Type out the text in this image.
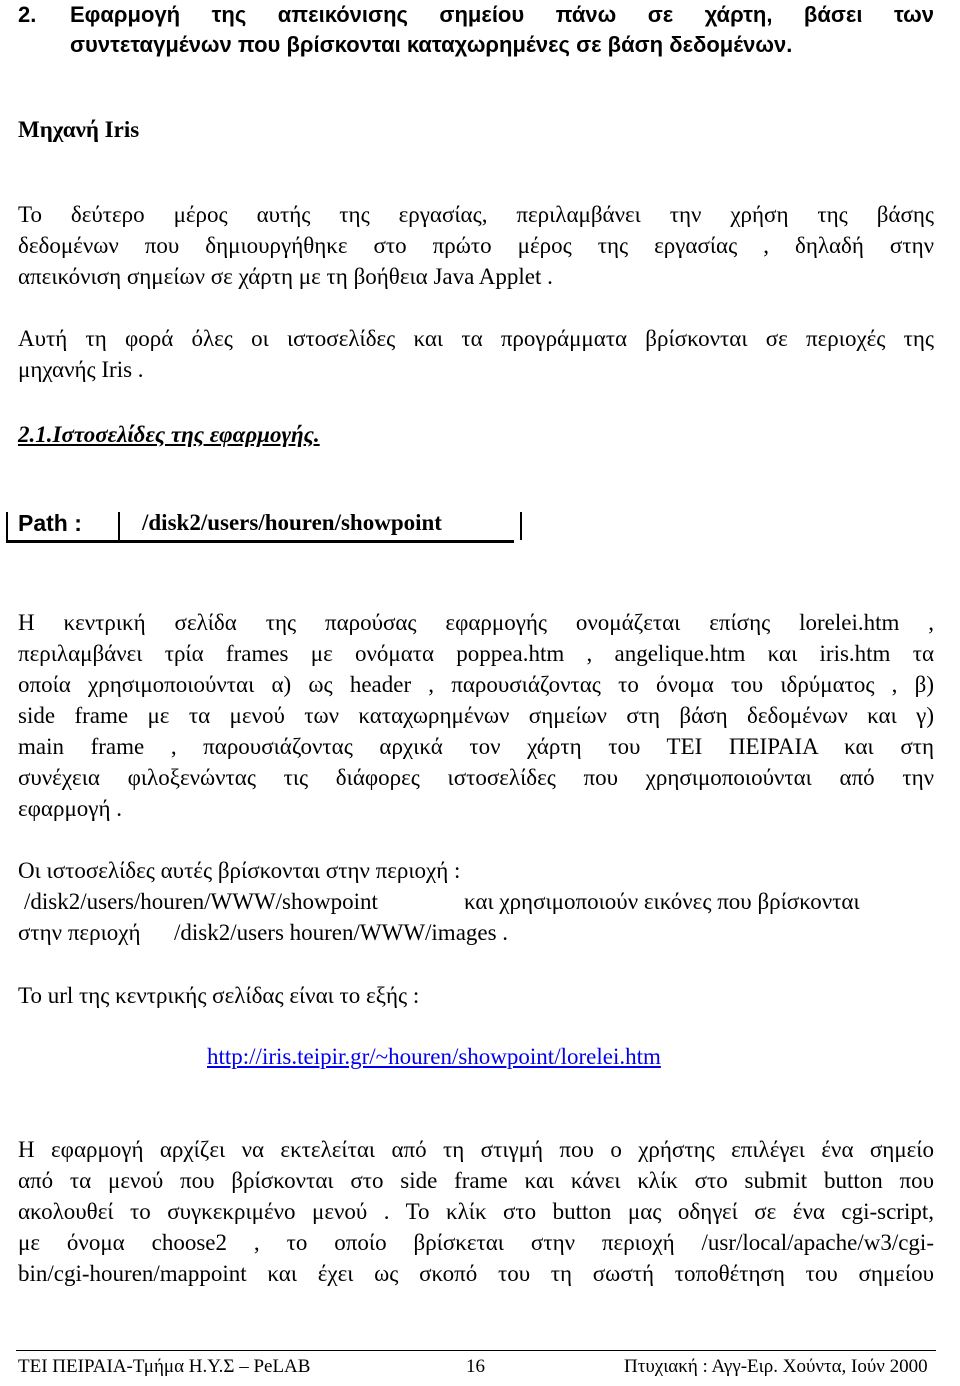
2. Εφαρμογή της απεικόνισης σημείου πάνω σε χάρτη, βάσει των
συντεταγμένων που βρίσκονται καταχωρημένες σε βάση δεδομένων.
Μηχανή Iris
Το δεύτερο μέρος αυτής της εργασίας, περιλαμβάνει την χρήση της βάσης
δεδομένων που δημιουργήθηκε στο πρώτο μέρος της εργασίας , δηλαδή στην
απεικόνιση σημείων σε χάρτη με τη βοήθεια Java Applet .
Αυτή τη φορά όλες οι ιστοσελίδες και τα προγράμματα βρίσκονται σε περιοχές της
μηχανής Iris .
2.1.Ιστοσελίδες της εφαρμογής.
Path :	/disk2/users/houren/showpoint
Η κεντρική σελίδα της παρούσας εφαρμογής ονομάζεται επίσης lorelei.htm ,
περιλαμβάνει τρία frames με ονόματα poppea.htm , angelique.htm και iris.htm τα
οποία χρησιμοποιούνται α) ως header , παρουσιάζοντας το όνομα του ιδρύματος , β)
side frame με τα μενού των καταχωρημένων σημείων στη βάση δεδομένων και γ)
main frame , παρουσιάζοντας αρχικά τον χάρτη του ΤΕΙ ΠΕΙΡΑΙΑ και στη
συνέχεια φιλοξενώντας τις διάφορες ιστοσελίδες που χρησιμοποιούνται από την
εφαρμογή .
Οι ιστοσελίδες αυτές βρίσκονται στην περιοχή :
/disk2/users/houren/WWW/showpoint	και χρησιμοποιούν εικόνες που βρίσκονται
στην περιοχή /disk2/users houren/WWW/images .
Το url της κεντρικής σελίδας είναι το εξής :
http://iris.teipir.gr/~houren/showpoint/lorelei.htm
Η εφαρμογή αρχίζει να εκτελείται από τη στιγμή που ο χρήστης επιλέγει ένα σημείο
από τα μενού που βρίσκονται στο side frame και κάνει κλίκ στο submit button που
ακολουθεί το συγκεκριμένο μενού . Το κλίκ στο button μας οδηγεί σε ένα cgi-script,
με όνομα choose2 , το οποίο βρίσκεται στην περιοχή /usr/local/apache/w3/cgi-
bin/cgi-houren/mappoint και έχει ως σκοπό του τη σωστή τοποθέτηση του σημείου
ΤΕΙ ΠΕΙΡΑΙΑ-Τμήμα Η.Υ.Σ – PeLAB	16	Πτυχιακή : Αγγ-Ειρ. Χούντα, Ιούν 2000
